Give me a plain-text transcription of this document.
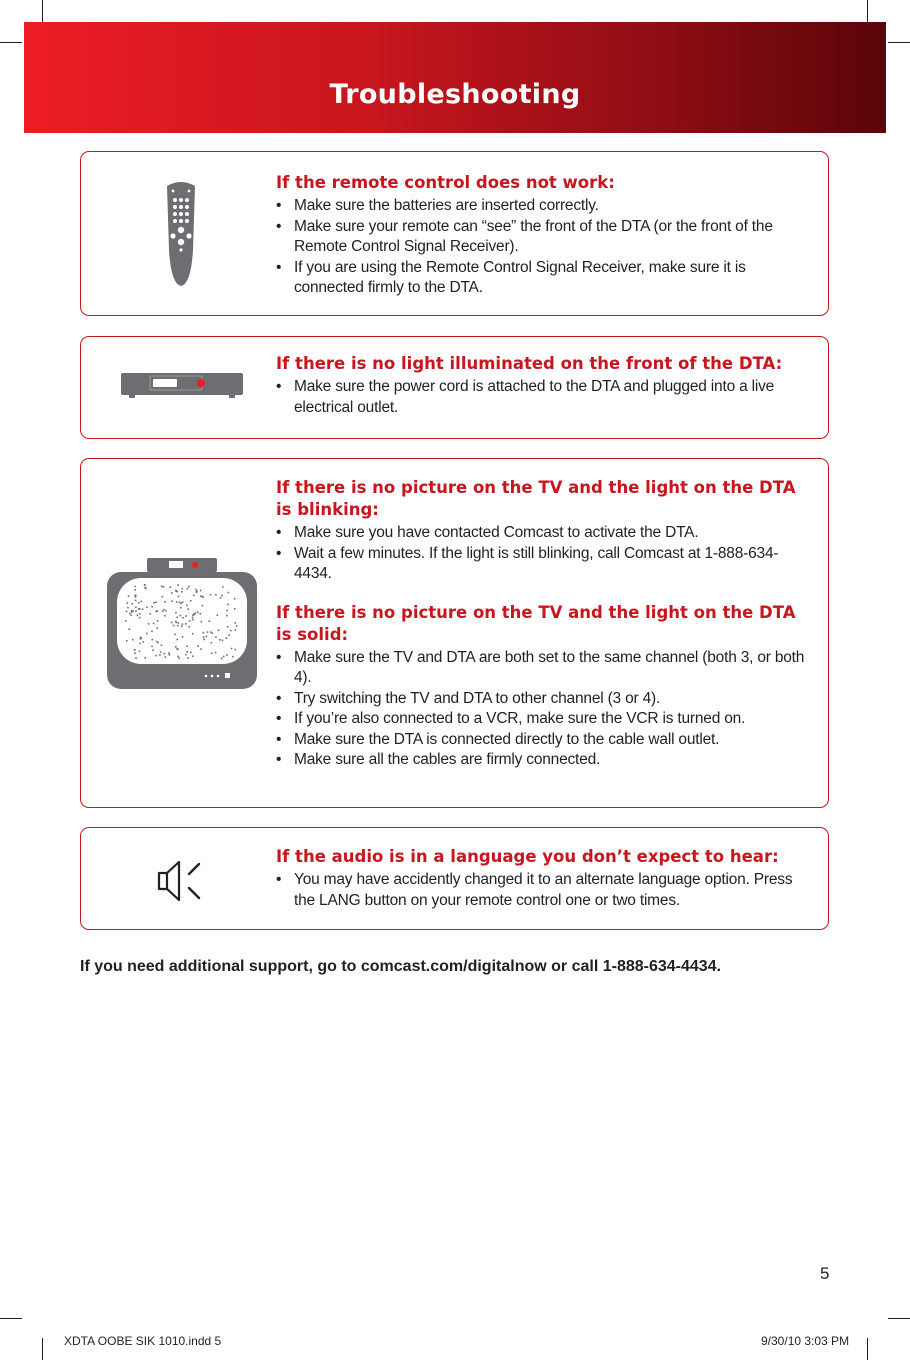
Troubleshooting
If the remote control does not work:
• Make sure the batteries are inserted correctly.
• Make sure your remote can “see” the front of the DTA (or the front of the Remote Control Signal Receiver).
• If you are using the Remote Control Signal Receiver, make sure it is connected firmly to the DTA.
If there is no light illuminated on the front of the DTA:
• Make sure the power cord is attached to the DTA and plugged into a live electrical outlet.
If there is no picture on the TV and the light on the DTA is blinking:
• Make sure you have contacted Comcast to activate the DTA.
• Wait a few minutes. If the light is still blinking, call Comcast at 1-888-634-4434.
If there is no picture on the TV and the light on the DTA is solid:
• Make sure the TV and DTA are both set to the same channel (both 3, or both 4).
• Try switching the TV and DTA to other channel (3 or 4).
• If you’re also connected to a VCR, make sure the VCR is turned on.
• Make sure the DTA is connected directly to the cable wall outlet.
• Make sure all the cables are firmly connected.
If the audio is in a language you don’t expect to hear:
• You may have accidently changed it to an alternate language option. Press the LANG button on your remote control one or two times.
If you need additional support, go to comcast.com/digitalnow or call 1-888-634-4434.
5
XDTA OOBE SIK 1010.indd 5	9/30/10 3:03 PM
